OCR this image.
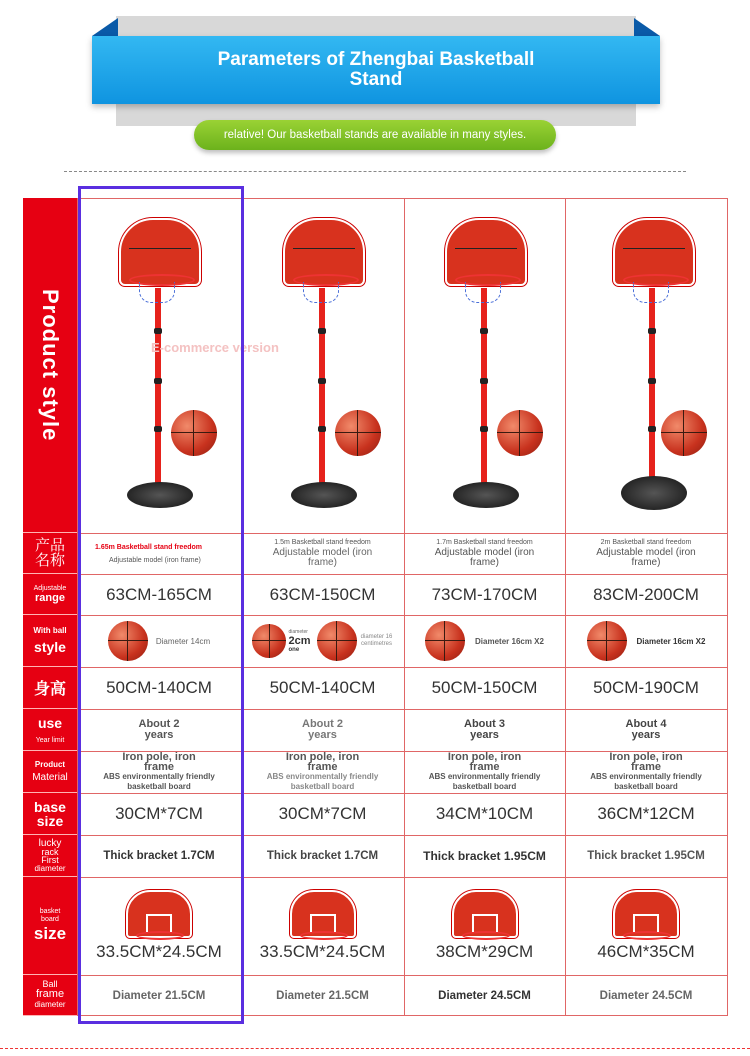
Parameters of Zhengbai Basketball Stand
relative! Our basketball stands are available in many styles.
Product style
产品名称
Adjustable
range
With ball
style
身高
use
Year limit
Product
Material
base
size
lucky
rack
First
diameter
basket
board
size
Ball
frame
diameter
E-commerce version
1.65m Basketball stand freedom
Adjustable model (iron frame)
63CM-165CM
Diameter 14cm
50CM-140CM
About 2 years
Iron pole, iron frame
ABS environmentally friendly basketball board
30CM*7CM
Thick bracket 1.7CM
33.5CM*24.5CM
Diameter 21.5CM
1.5m Basketball stand freedom
Adjustable model (iron frame)
63CM-150CM
diameter
2cm
one
diameter 16 centimetres
50CM-140CM
About 2 years
Iron pole, iron frame
ABS environmentally friendly basketball board
30CM*7CM
Thick bracket 1.7CM
33.5CM*24.5CM
Diameter 21.5CM
1.7m Basketball stand freedom
Adjustable model (iron frame)
73CM-170CM
Diameter 16cm X2
50CM-150CM
About 3 years
Iron pole, iron frame
ABS environmentally friendly basketball board
34CM*10CM
Thick bracket 1.95CM
38CM*29CM
Diameter 24.5CM
2m Basketball stand freedom
Adjustable model (iron frame)
83CM-200CM
Diameter 16cm X2
50CM-190CM
About 4 years
Iron pole, iron frame
ABS environmentally friendly basketball board
36CM*12CM
Thick bracket 1.95CM
46CM*35CM
Diameter 24.5CM
